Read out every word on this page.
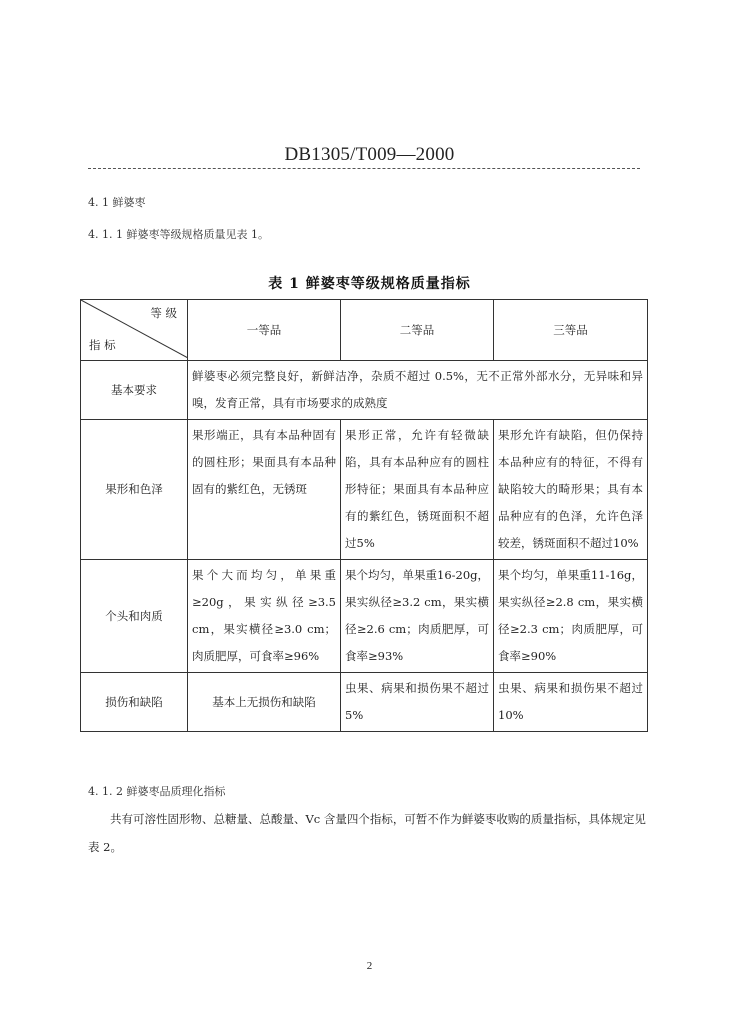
DB1305/T009—2000
4. 1 鲜婆枣
4. 1. 1 鲜婆枣等级规格质量见表 1。
表 1 鲜婆枣等级规格质量指标
等 级
指 标	一等品	二等品	三等品
基本要求	鲜婆枣必须完整良好，新鲜洁净，杂质不超过 0.5%，无不正常外部水分，无异味和异嗅，发育正常，具有市场要求的成熟度		
果形和色泽	果形端正，具有本品种固有的圆柱形；果面具有本品种固有的紫红色，无锈斑	果形正常，允许有轻微缺陷，具有本品种应有的圆柱形特征；果面具有本品种应有的紫红色，锈斑面积不超过5%	果形允许有缺陷，但仍保持本品种应有的特征，不得有缺陷较大的畸形果；具有本品种应有的色泽，允许色泽较差，锈斑面积不超过10%
个头和肉质	果个大而均匀，单果重≥20g，果实纵径≥3.5 cm，果实横径≥3.0 cm；肉质肥厚，可食率≥96%	果个均匀，单果重16-20g，果实纵径≥3.2 cm，果实横径≥2.6 cm；肉质肥厚，可食率≥93%	果个均匀，单果重11-16g，果实纵径≥2.8 cm，果实横径≥2.3 cm；肉质肥厚，可食率≥90%
损伤和缺陷	基本上无损伤和缺陷	虫果、病果和损伤果不超过 5%	虫果、病果和损伤果不超过 10%
4. 1. 2 鲜婆枣品质理化指标
共有可溶性固形物、总糖量、总酸量、Vc 含量四个指标，可暂不作为鲜婆枣收购的质量指标，具体规定见表 2。
2
